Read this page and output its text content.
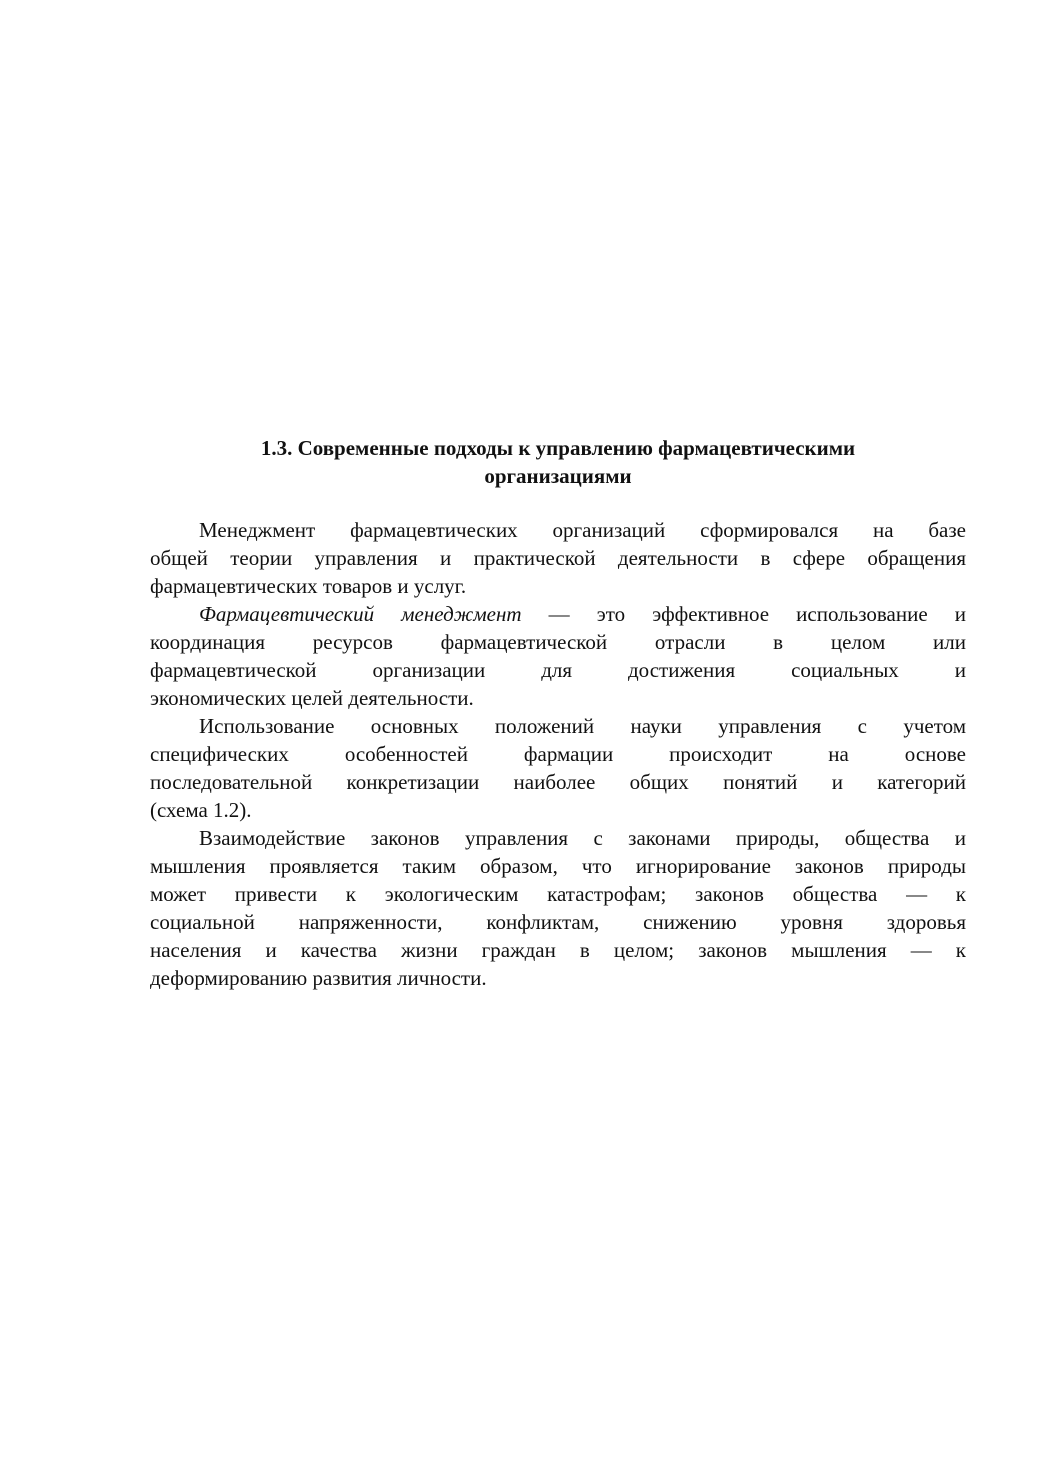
1.3. Современные подходы к управлению фармацевтическими
организациями

Менеджмент фармацевтических организаций сформировался на базе
общей теории управления и практической деятельности в сфере обращения
фармацевтических товаров и услуг.

Фармацевтический менеджмент — это эффективное использование и
координация ресурсов фармацевтической отрасли в целом или
фармацевтической организации для достижения социальных и
экономических целей деятельности.

Использование основных положений науки управления с учетом
специфических особенностей фармации происходит на основе
последовательной конкретизации наиболее общих понятий и категорий
(схема 1.2).

Взаимодействие законов управления с законами природы, общества и
мышления проявляется таким образом, что игнорирование законов природы
может привести к экологическим катастрофам; законов общества — к
социальной напряженности, конфликтам, снижению уровня здоровья
населения и качества жизни граждан в целом; законов мышления — к
деформированию развития личности.
